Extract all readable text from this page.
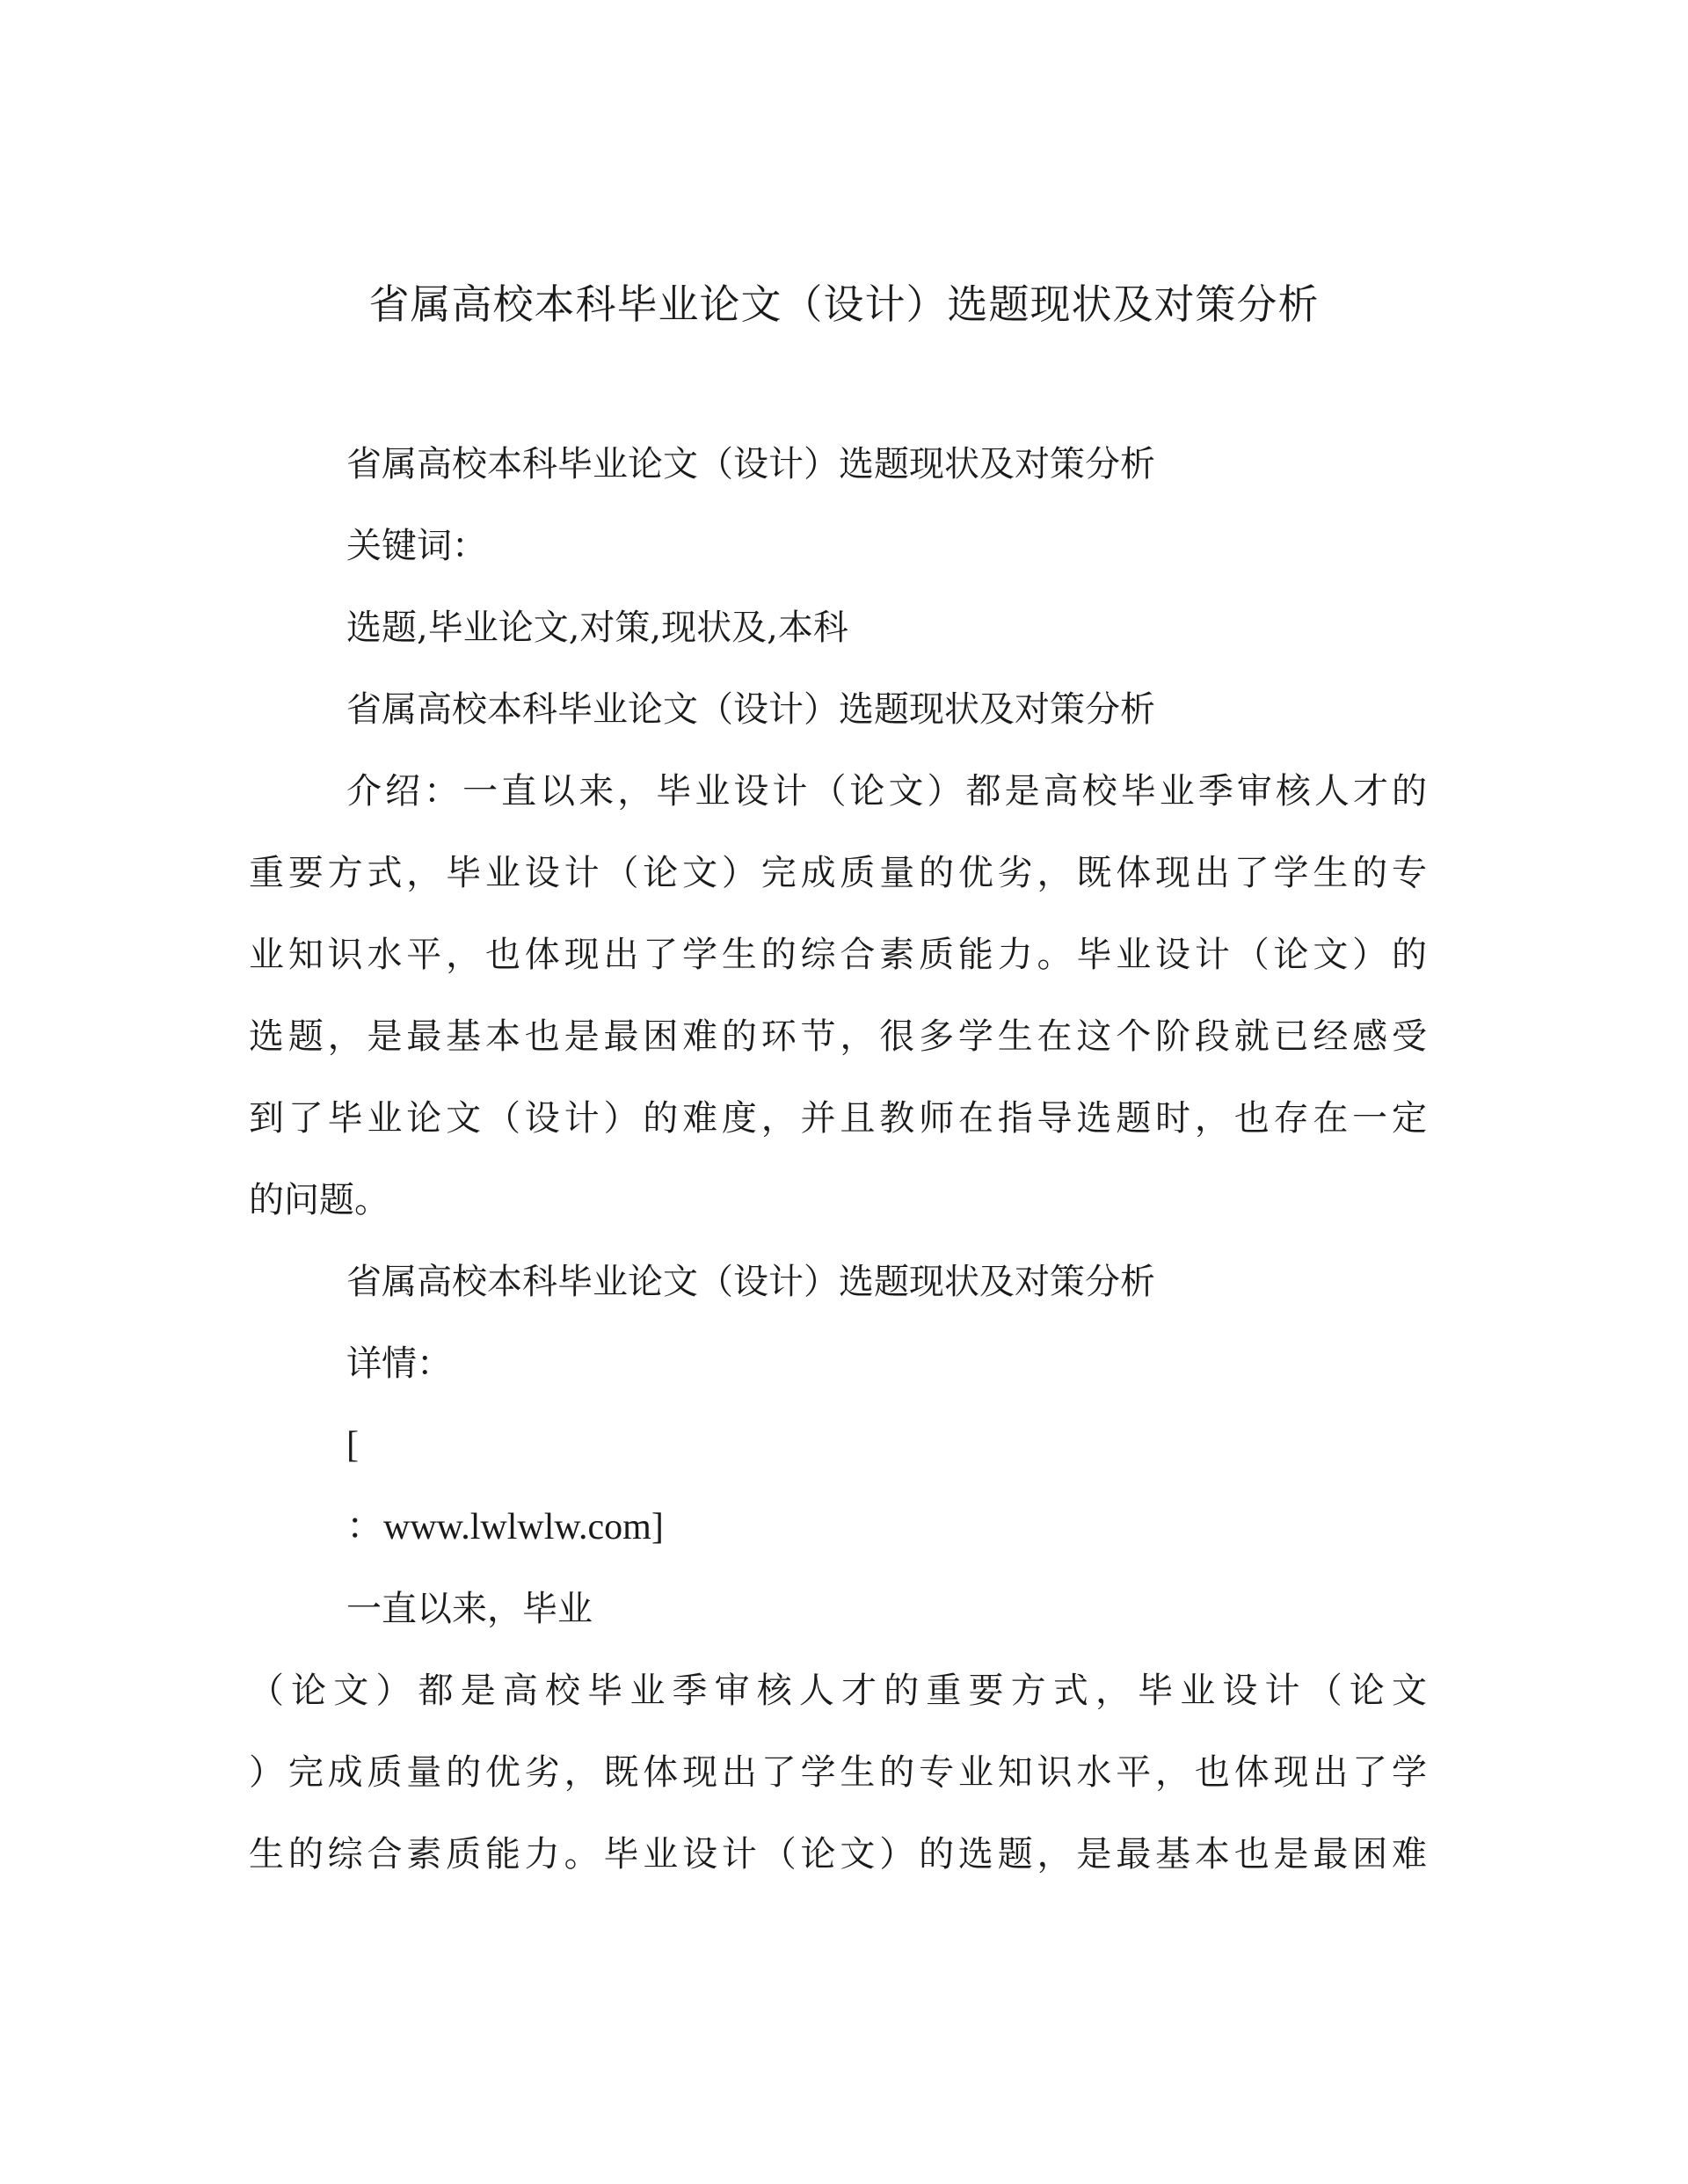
省属高校本科毕业论文（设计）选题现状及对策分析

省属高校本科毕业论文（设计）选题现状及对策分析

关键词：

选题,毕业论文,对策,现状及,本科

省属高校本科毕业论文（设计）选题现状及对策分析

介绍：一直以来，毕业设计（论文）都是高校毕业季审核人才的

重要方式，毕业设计（论文）完成质量的优劣，既体现出了学生的专

业知识水平，也体现出了学生的综合素质能力。毕业设计（论文）的

选题，是最基本也是最困难的环节，很多学生在这个阶段就已经感受

到了毕业论文（设计）的难度，并且教师在指导选题时，也存在一定

的问题。

省属高校本科毕业论文（设计）选题现状及对策分析

详情：

[

：www.lwlwlw.com]

一直以来，毕业

（论文）都是高校毕业季审核人才的重要方式，毕业设计（论文

）完成质量的优劣，既体现出了学生的专业知识水平，也体现出了学

生的综合素质能力。毕业设计（论文）的选题，是最基本也是最困难
